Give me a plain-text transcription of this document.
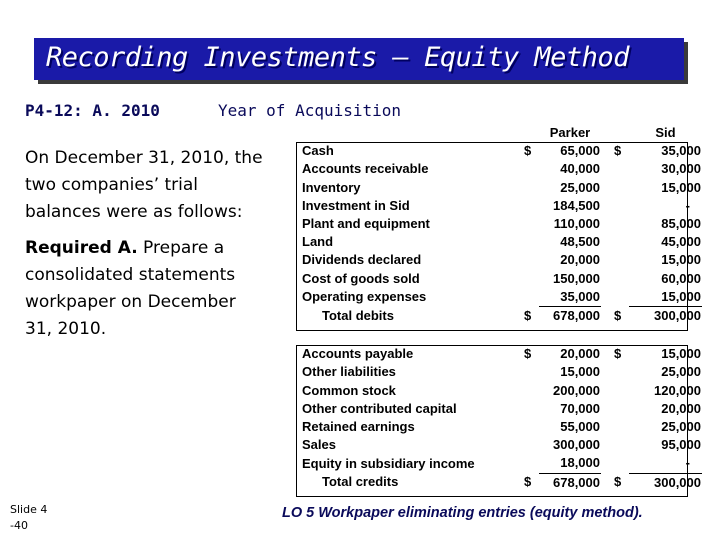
Recording Investments – Equity Method
P4-12: A. 2010	Year of Acquisition
On December 31, 2010, the two companies’ trial balances were as follows:
Required A. Prepare a consolidated statements workpaper on December 31, 2010.
		Parker			Sid
Cash	$	65,000		$	35,000
Accounts receivable		40,000			30,000
Inventory		25,000			15,000
Investment in Sid		184,500			-
Plant and equipment		110,000			85,000
Land		48,500			45,000
Dividends declared		20,000			15,000
Cost of goods sold		150,000			60,000
Operating expenses		35,000			15,000
Total debits	$	678,000		$	300,000

Accounts payable	$	20,000		$	15,000
Other liabilities		15,000			25,000
Common stock		200,000			120,000
Other contributed capital		70,000			20,000
Retained earnings		55,000			25,000
Sales		300,000			95,000
Equity in subsidiary income		18,000			-
Total credits	$	678,000		$	300,000
Slide 4
-40
LO 5 Workpaper eliminating entries (equity method).
